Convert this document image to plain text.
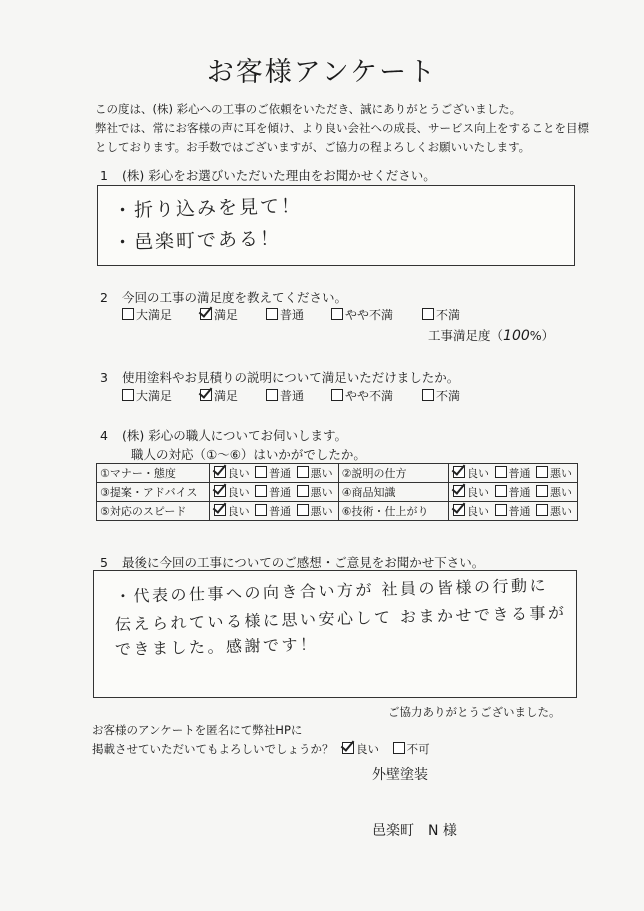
お客様アンケート
この度は、(株) 彩心への工事のご依頼をいただき、誠にありがとうございました。
弊社では、常にお客様の声に耳を傾け、より良い会社への成長、サービス向上をすることを目標
としております。お手数ではございますが、ご協力の程よろしくお願いいたします。
1 (株) 彩心をお選びいただいた理由をお聞かせください。
・折り込みを見て！
・邑楽町である！
2 今回の工事の満足度を教えてください。
大満足	満足	普通	やや不満	不満
工事満足度（100%）
3 使用塗料やお見積りの説明について満足いただけましたか。
大満足	満足	普通	やや不満	不満
4 (株) 彩心の職人についてお伺いします。
職人の対応（①～⑥）はいかがでしたか。
①マナー・態度	良い 普通 悪い	②説明の仕方	良い 普通 悪い
③提案・アドバイス	良い 普通 悪い	④商品知識	良い 普通 悪い
⑤対応のスピード	良い 普通 悪い	⑥技術・仕上がり	良い 普通 悪い
5 最後に今回の工事についてのご感想・ご意見をお聞かせ下さい。
・代表の仕事への向き合い方が 社員の皆様の行動に
伝えられている様に思い安心して おまかせできる事が
できました。感謝です！
ご協力ありがとうございました。
お客様のアンケートを匿名にて弊社HPに
掲載させていただいてもよろしいでしょうか？	良い 不可
外壁塗装
邑楽町　N 様
